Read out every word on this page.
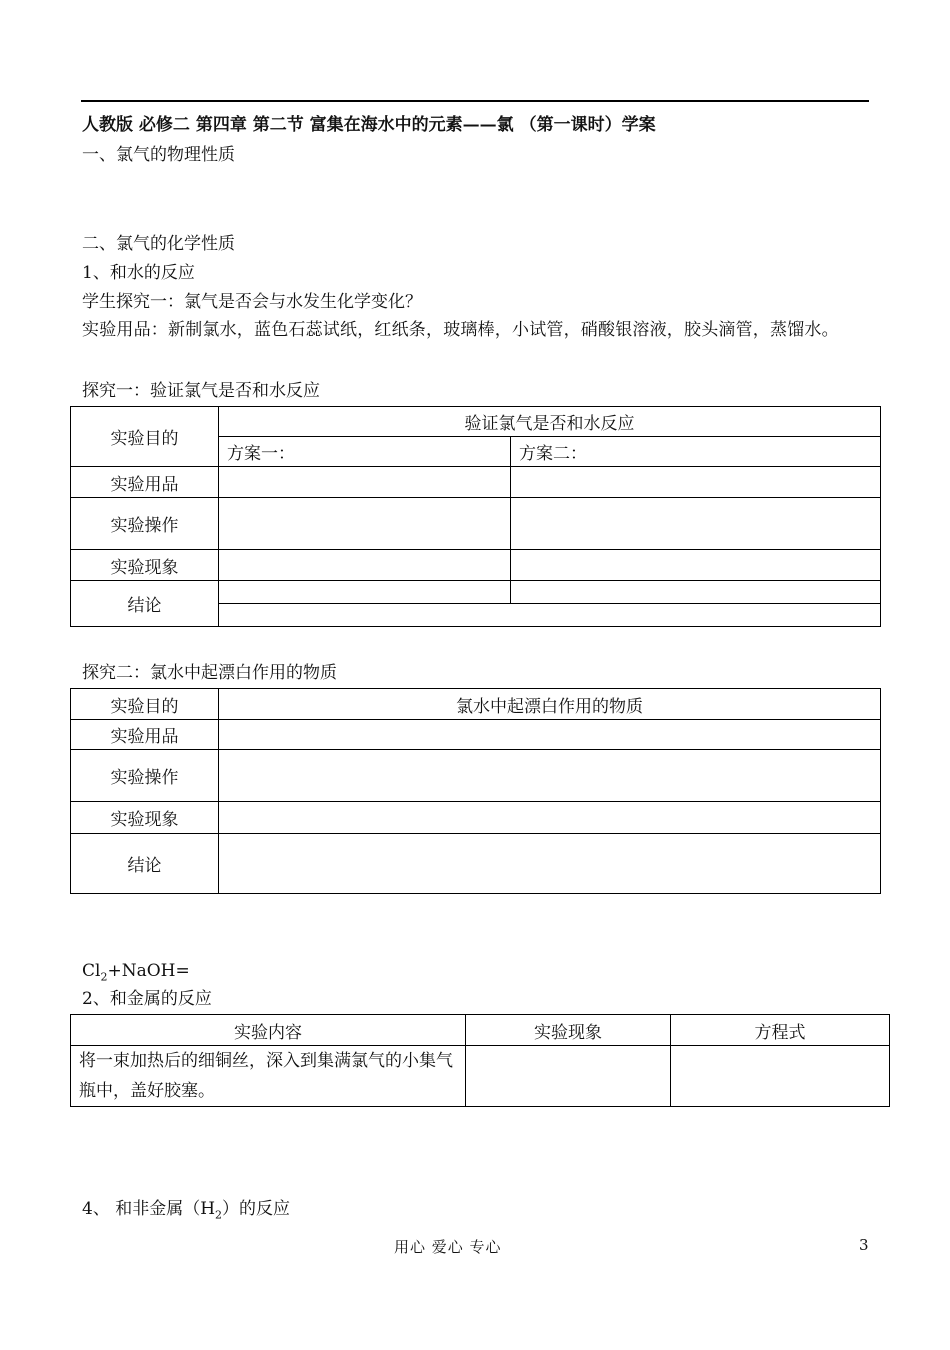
人教版 必修二 第四章 第二节 富集在海水中的元素——氯 （第一课时）学案
一、氯气的物理性质
二、氯气的化学性质
1、和水的反应
学生探究一：氯气是否会与水发生化学变化？
实验用品：新制氯水，蓝色石蕊试纸，红纸条，玻璃棒，小试管，硝酸银溶液，胶头滴管，蒸馏水。
探究一：验证氯气是否和水反应
实验目的	验证氯气是否和水反应	
	方案一：	方案二：
实验用品		
实验操作		
实验现象		
结论		

探究二：氯水中起漂白作用的物质
实验目的	氯水中起漂白作用的物质
实验用品	
实验操作	
实验现象	
结论	
$Cl_2+NaOH=$
2、和金属的反应
实验内容	实验现象	方程式
将一束加热后的细铜丝，深入到集满氯气的小集气瓶中，盖好胶塞。		
4、 和非金属$(H_2)$的反应
用心 爱心 专心	3
